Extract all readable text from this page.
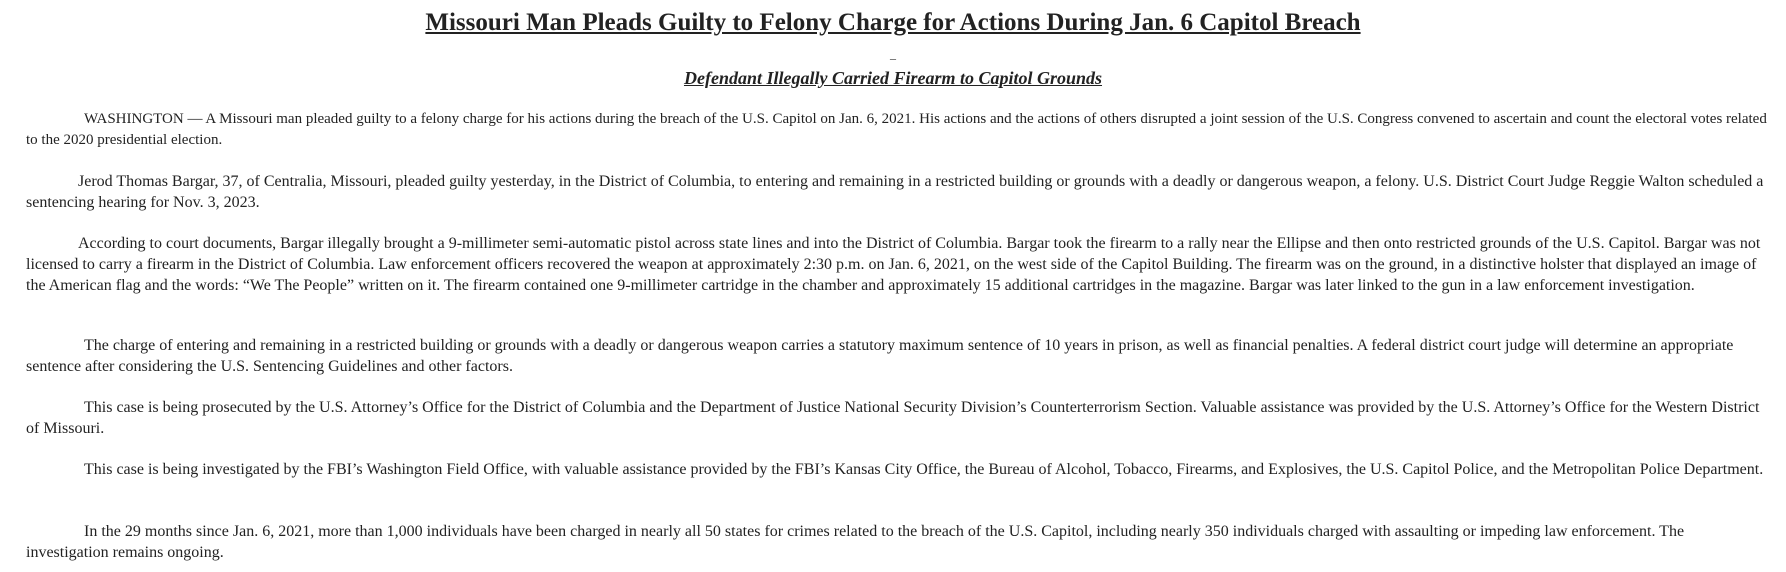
Missouri Man Pleads Guilty to Felony Charge for Actions During Jan. 6 Capitol Breach
_
Defendant Illegally Carried Firearm to Capitol Grounds

WASHINGTON — A Missouri man pleaded guilty to a felony charge for his actions during the breach of the U.S. Capitol on Jan. 6, 2021. His actions and the actions of others disrupted a joint session of the U.S. Congress convened to ascertain and count the electoral votes related to the 2020 presidential election.

Jerod Thomas Bargar, 37, of Centralia, Missouri, pleaded guilty yesterday, in the District of Columbia, to entering and remaining in a restricted building or grounds with a deadly or dangerous weapon, a felony. U.S. District Court Judge Reggie Walton scheduled a sentencing hearing for Nov. 3, 2023.

According to court documents, Bargar illegally brought a 9-millimeter semi-automatic pistol across state lines and into the District of Columbia. Bargar took the firearm to a rally near the Ellipse and then onto restricted grounds of the U.S. Capitol. Bargar was not licensed to carry a firearm in the District of Columbia. Law enforcement officers recovered the weapon at approximately 2:30 p.m. on Jan. 6, 2021, on the west side of the Capitol Building. The firearm was on the ground, in a distinctive holster that displayed an image of the American flag and the words: “We The People” written on it. The firearm contained one 9-millimeter cartridge in the chamber and approximately 15 additional cartridges in the magazine. Bargar was later linked to the gun in a law enforcement investigation.

The charge of entering and remaining in a restricted building or grounds with a deadly or dangerous weapon carries a statutory maximum sentence of 10 years in prison, as well as financial penalties. A federal district court judge will determine an appropriate sentence after considering the U.S. Sentencing Guidelines and other factors.

This case is being prosecuted by the U.S. Attorney’s Office for the District of Columbia and the Department of Justice National Security Division’s Counterterrorism Section. Valuable assistance was provided by the U.S. Attorney’s Office for the Western District of Missouri.

This case is being investigated by the FBI’s Washington Field Office, with valuable assistance provided by the FBI’s Kansas City Office, the Bureau of Alcohol, Tobacco, Firearms, and Explosives, the U.S. Capitol Police, and the Metropolitan Police Department.

In the 29 months since Jan. 6, 2021, more than 1,000 individuals have been charged in nearly all 50 states for crimes related to the breach of the U.S. Capitol, including nearly 350 individuals charged with assaulting or impeding law enforcement. The investigation remains ongoing.
